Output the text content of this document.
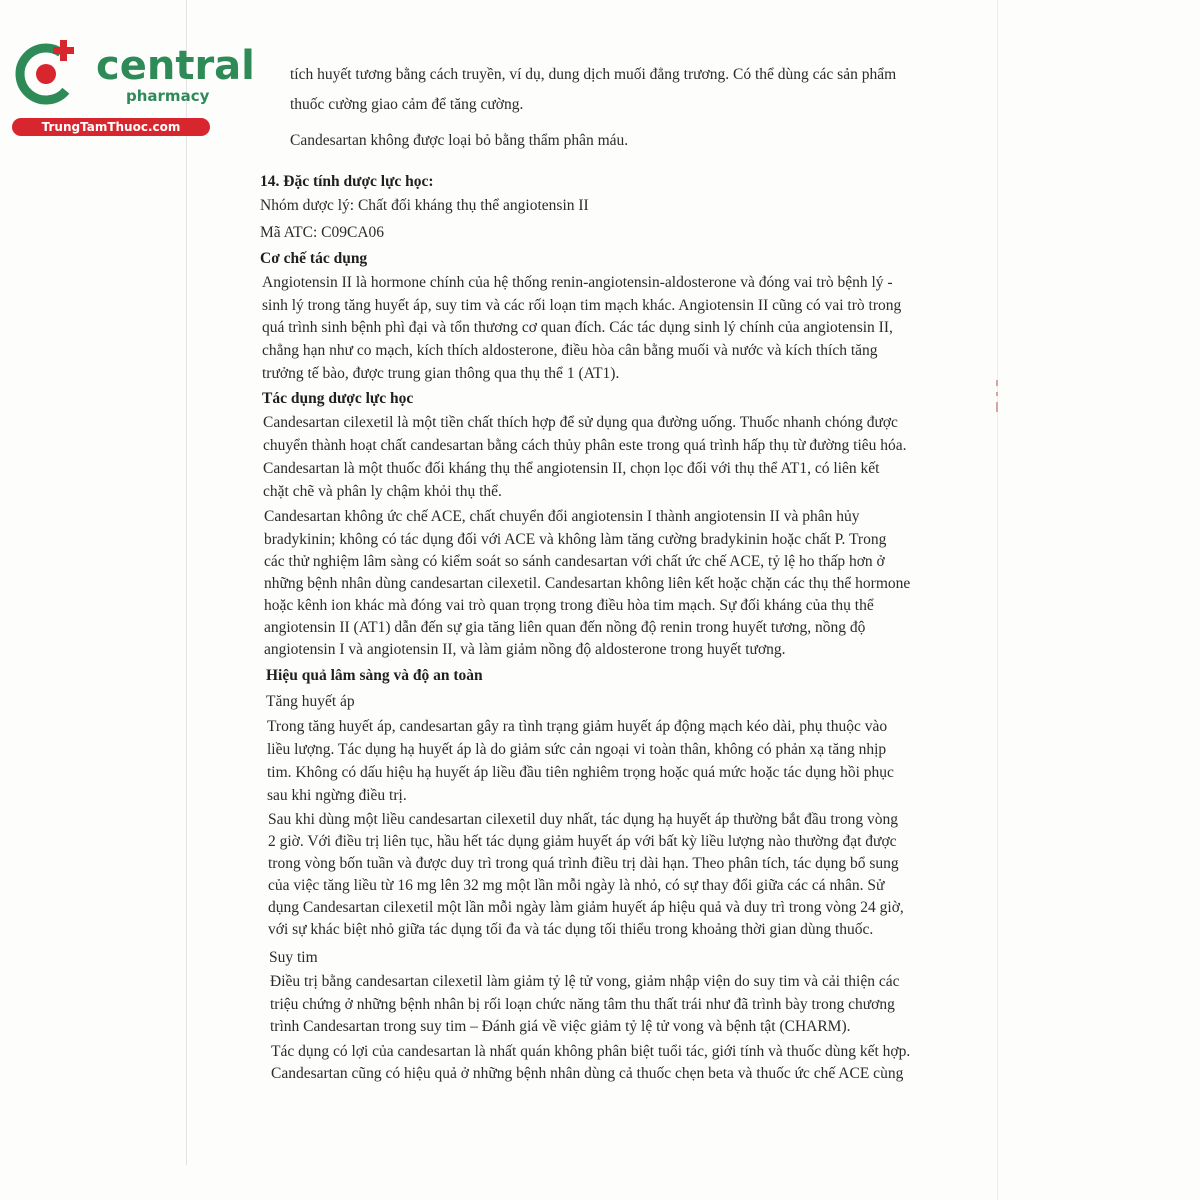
central
pharmacy
TrungTamThuoc.com
tích huyết tương bằng cách truyền, ví dụ, dung dịch muối đẳng trương. Có thể dùng các sản phẩm
thuốc cường giao cảm để tăng cường.
Candesartan không được loại bỏ bằng thẩm phân máu.
14. Đặc tính dược lực học:
Nhóm dược lý: Chất đối kháng thụ thể angiotensin II
Mã ATC: C09CA06
Cơ chế tác dụng
Angiotensin II là hormone chính của hệ thống renin-angiotensin-aldosterone và đóng vai trò bệnh lý -
sinh lý trong tăng huyết áp, suy tim và các rối loạn tim mạch khác. Angiotensin II cũng có vai trò trong
quá trình sinh bệnh phì đại và tổn thương cơ quan đích. Các tác dụng sinh lý chính của angiotensin II,
chẳng hạn như co mạch, kích thích aldosterone, điều hòa cân bằng muối và nước và kích thích tăng
trưởng tế bào, được trung gian thông qua thụ thể 1 (AT1).
Tác dụng dược lực học
Candesartan cilexetil là một tiền chất thích hợp để sử dụng qua đường uống. Thuốc nhanh chóng được
chuyển thành hoạt chất candesartan bằng cách thủy phân este trong quá trình hấp thụ từ đường tiêu hóa.
Candesartan là một thuốc đối kháng thụ thể angiotensin II, chọn lọc đối với thụ thể AT1, có liên kết
chặt chẽ và phân ly chậm khỏi thụ thể.
Candesartan không ức chế ACE, chất chuyển đổi angiotensin I thành angiotensin II và phân hủy
bradykinin; không có tác dụng đối với ACE và không làm tăng cường bradykinin hoặc chất P. Trong
các thử nghiệm lâm sàng có kiểm soát so sánh candesartan với chất ức chế ACE, tỷ lệ ho thấp hơn ở
những bệnh nhân dùng candesartan cilexetil. Candesartan không liên kết hoặc chặn các thụ thể hormone
hoặc kênh ion khác mà đóng vai trò quan trọng trong điều hòa tim mạch. Sự đối kháng của thụ thể
angiotensin II (AT1) dẫn đến sự gia tăng liên quan đến nồng độ renin trong huyết tương, nồng độ
angiotensin I và angiotensin II, và làm giảm nồng độ aldosterone trong huyết tương.
Hiệu quả lâm sàng và độ an toàn
Tăng huyết áp
Trong tăng huyết áp, candesartan gây ra tình trạng giảm huyết áp động mạch kéo dài, phụ thuộc vào
liều lượng. Tác dụng hạ huyết áp là do giảm sức cản ngoại vi toàn thân, không có phản xạ tăng nhịp
tim. Không có dấu hiệu hạ huyết áp liều đầu tiên nghiêm trọng hoặc quá mức hoặc tác dụng hồi phục
sau khi ngừng điều trị.
Sau khi dùng một liều candesartan cilexetil duy nhất, tác dụng hạ huyết áp thường bắt đầu trong vòng
2 giờ. Với điều trị liên tục, hầu hết tác dụng giảm huyết áp với bất kỳ liều lượng nào thường đạt được
trong vòng bốn tuần và được duy trì trong quá trình điều trị dài hạn. Theo phân tích, tác dụng bổ sung
của việc tăng liều từ 16 mg lên 32 mg một lần mỗi ngày là nhỏ, có sự thay đổi giữa các cá nhân. Sử
dụng Candesartan cilexetil một lần mỗi ngày làm giảm huyết áp hiệu quả và duy trì trong vòng 24 giờ,
với sự khác biệt nhỏ giữa tác dụng tối đa và tác dụng tối thiểu trong khoảng thời gian dùng thuốc.
Suy tim
Điều trị bằng candesartan cilexetil làm giảm tỷ lệ tử vong, giảm nhập viện do suy tim và cải thiện các
triệu chứng ở những bệnh nhân bị rối loạn chức năng tâm thu thất trái như đã trình bày trong chương
trình Candesartan trong suy tim – Đánh giá về việc giảm tỷ lệ tử vong và bệnh tật (CHARM).
Tác dụng có lợi của candesartan là nhất quán không phân biệt tuổi tác, giới tính và thuốc dùng kết hợp.
Candesartan cũng có hiệu quả ở những bệnh nhân dùng cả thuốc chẹn beta và thuốc ức chế ACE cùng
